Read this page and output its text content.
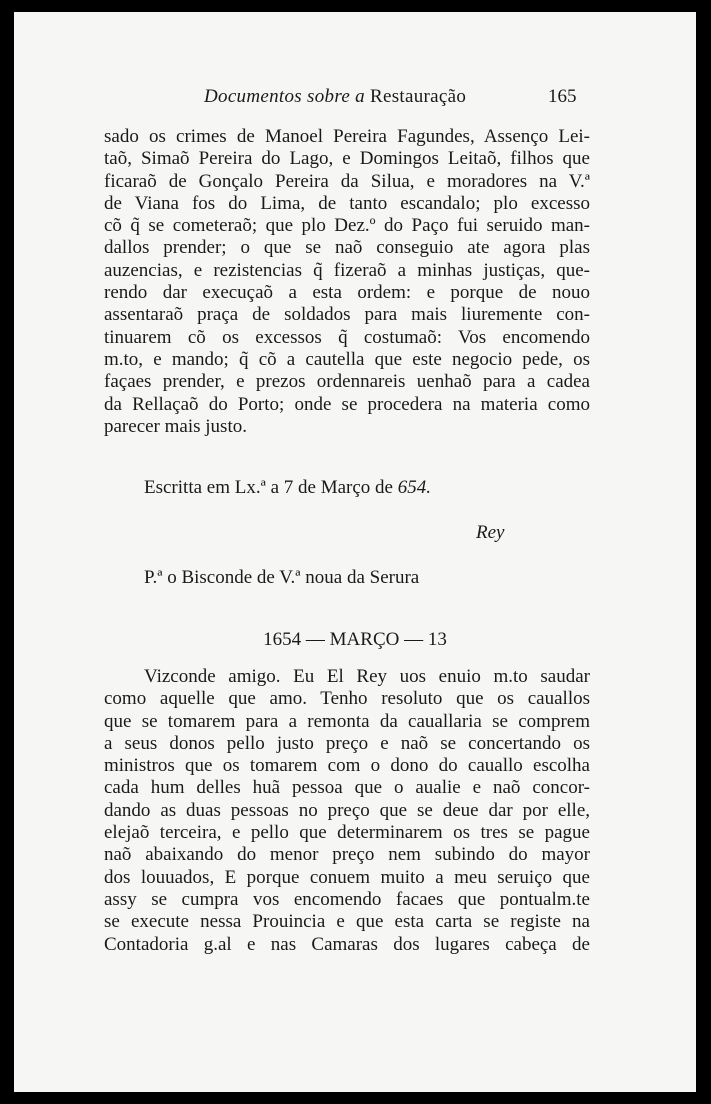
Documentos sobre a Restauração	165
sado os crimes de Manoel Pereira Fagundes, Assenço Lei-
taõ, Simaõ Pereira do Lago, e Domingos Leitaõ, filhos que
ficaraõ de Gonçalo Pereira da Silua, e moradores na V.ª
de Viana fos do Lima, de tanto escandalo; plo excesso
cõ q̃ se cometeraõ; que plo Dez.º do Paço fui seruido man-
dallos prender; o que se naõ conseguio ate agora plas
auzencias, e rezistencias q̃ fizeraõ a minhas justiças, que-
rendo dar execuçaõ a esta ordem: e porque de nouo
assentaraõ praça de soldados para mais liuremente con-
tinuarem cõ os excessos q̃ costumaõ: Vos encomendo
m.to, e mando; q̃ cõ a cautella que este negocio pede, os
façaes prender, e prezos ordennareis uenhaõ para a cadea
da Rellaçaõ do Porto; onde se procedera na materia como
parecer mais justo.
Escritta em Lx.ª a 7 de Março de 654.
Rey
P.ª o Bisconde de V.ª noua da Serura
1654 — MARÇO — 13
Vizconde amigo. Eu El Rey uos enuio m.to saudar
como aquelle que amo. Tenho resoluto que os cauallos
que se tomarem para a remonta da cauallaria se comprem
a seus donos pello justo preço e naõ se concertando os
ministros que os tomarem com o dono do cauallo escolha
cada hum delles huã pessoa que o aualie e naõ concor-
dando as duas pessoas no preço que se deue dar por elle,
elejaõ terceira, e pello que determinarem os tres se pague
naõ abaixando do menor preço nem subindo do mayor
dos louuados, E porque conuem muito a meu seruiço que
assy se cumpra vos encomendo facaes que pontualm.te
se execute nessa Prouincia e que esta carta se registe na
Contadoria g.al e nas Camaras dos lugares cabeça de
